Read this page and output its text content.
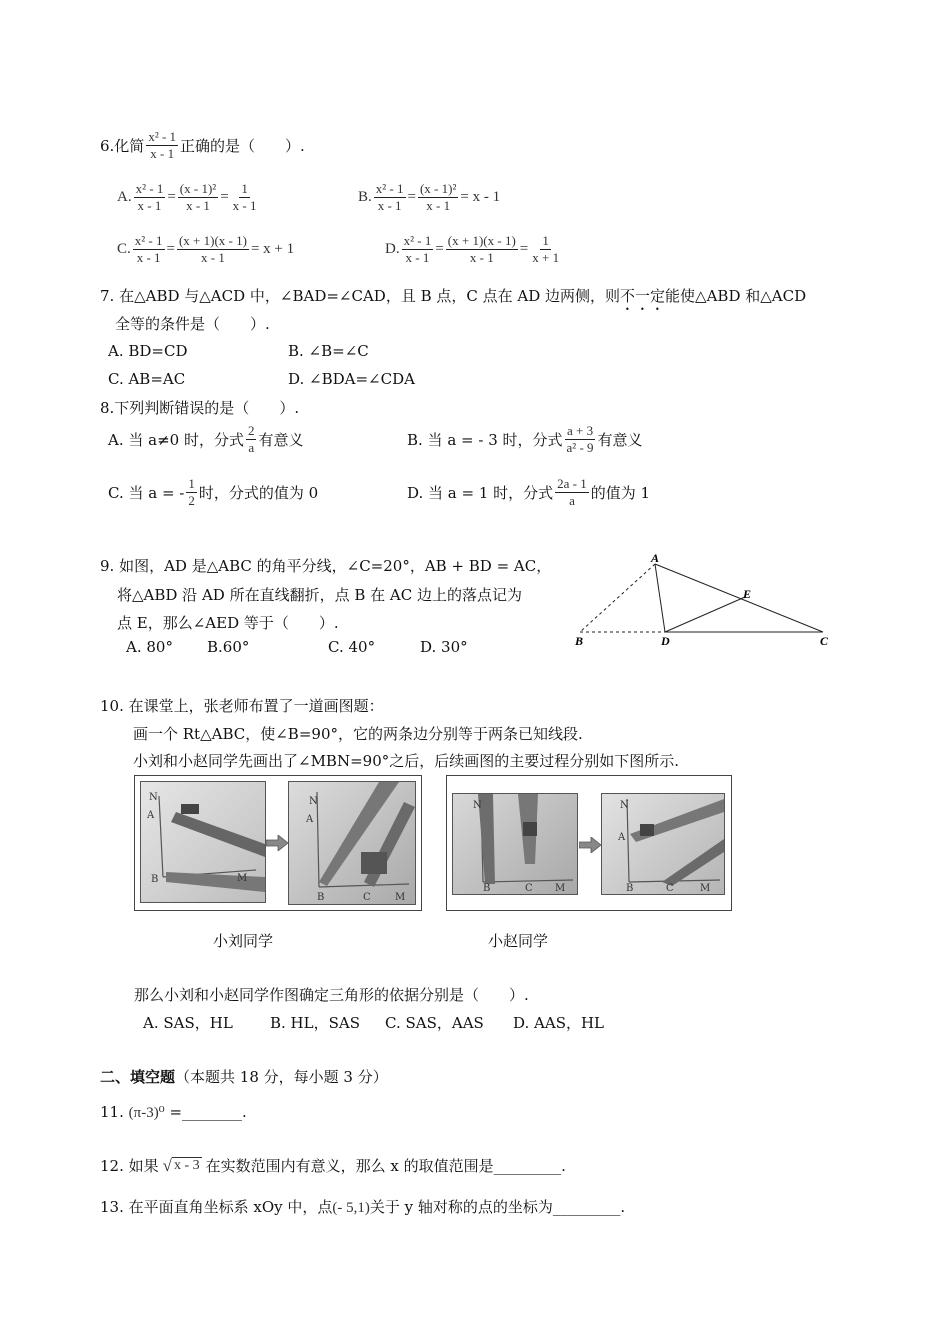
6.化简 $\frac{\text{x² - 1}}{x - 1}$ 正确的是（　　）.
A. $\frac{\text{x² - 1}}{x - 1} = \frac{\text{(x - 1)²}}{x - 1} = \frac{1}{x - 1}$	B. $\frac{\text{x² - 1}}{x - 1} = \frac{\text{(x - 1)²}}{x - 1} = x - 1$
C. $\frac{\text{x² - 1}}{x - 1} = \frac{(x + 1)(x - 1)}{x - 1} = x + 1$	D. $\frac{\text{x² - 1}}{x - 1} = \frac{(x + 1)(x - 1)}{x - 1} = \frac{1}{x + 1}$
7. 在△ABD 与△ACD 中，∠BAD=∠CAD，且 B 点，C 点在 AD 边两侧，则不一定能使△ABD 和△ACD
全等的条件是（　　）.
A. BD=CD	B. ∠B=∠C
C. AB=AC	D. ∠BDA=∠CDA
8.下列判断错误的是（　　）.
A. 当 a≠0 时，分式 $\frac{2}{a}$ 有意义	B. 当 a = - 3 时，分式 $\frac{a + 3}{\text{a² - 9}}$ 有意义
C. 当 a = - $\frac{1}{2}$ 时，分式的值为 0	D. 当 a = 1 时，分式 $\frac{2a - 1}{a}$ 的值为 1
9. 如图，AD 是△ABC 的角平分线，∠C=20°，AB + BD = AC，
将△ABD 沿 AD 所在直线翻折，点 B 在 AC 边上的落点记为
点 E，那么∠AED 等于（　　）.
A. 80° B.60°	C. 40°	D. 30°
A
B	D	C
E
10. 在课堂上，张老师布置了一道画图题：
画一个 Rt△ABC，使∠B=90°，它的两条边分别等于两条已知线段.
小刘和小赵同学先画出了∠MBN=90°之后，后续画图的主要过程分别如下图所示.
N
A
B	M
N
A
B	C M
N
B	C M
N
A
B	C	M
小刘同学	小赵同学
那么小刘和小赵同学作图确定三角形的依据分别是（　　）.
A. SAS，HL B. HL，SAS C. SAS，AAS D. AAS，HL
二、填空题（本题共 18 分，每小题 3 分）
11. (π-3)⁰ =________.
12. 如果 √ x - 3 在实数范围内有意义，那么 x 的取值范围是_________.
13. 在平面直角坐标系 xOy 中，点(- 5,1)关于 y 轴对称的点的坐标为_________.
